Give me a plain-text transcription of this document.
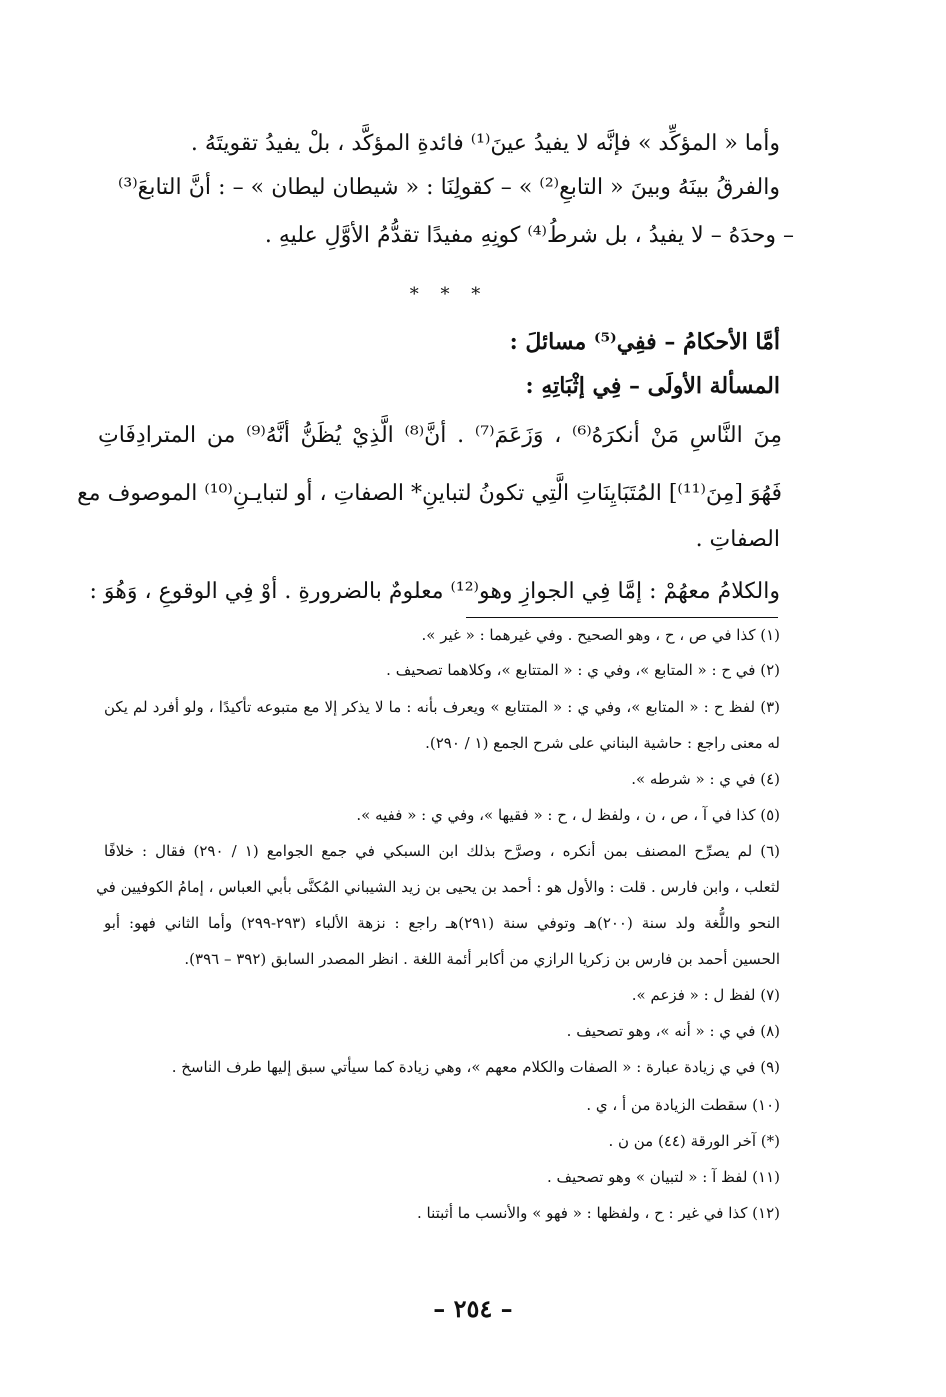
وأما « المؤكِّد » فإنَّه لا يفيدُ عينَ⁽¹⁾ فائدةِ المؤكَّد ، بلْ يفيدُ تقويتَهُ .
والفرقُ بينَهُ وبينَ « التابعِ⁽²⁾ » – كقولِنَا : « شيطان ليطان » – : أنَّ التابعَ⁽³⁾
– وحدَهُ – لا يفيدُ ، بل شرطُ⁽⁴⁾ كونِهِ مفيدًا تقدُّمُ الأوَّلِ عليهِ .
* * *
أمَّا الأحكامُ – ففِي⁽⁵⁾ مسائلَ :
المسألة الأولَى – فِي إثْبَاتِهِ :
مِنَ النَّاسِ مَنْ أنكرَهُ⁽⁶⁾ ، وَزَعَمَ⁽⁷⁾ . أنَّ⁽⁸⁾ الَّذِيْ يُظَنُّ أنَّهُ⁽⁹⁾ من المترادِفَاتِ
فَهُوَ [مِنَ⁽¹¹⁾] المُتَبَايِنَاتِ الَّتِي تكونُ لتباينِ* الصفاتِ ، أو لتبايـنِ⁽¹⁰⁾ الموصوف مع
الصفاتِ .
والكلامُ معهُمْ : إمَّا فِي الجوازِ وهو⁽¹²⁾ معلومٌ بالضرورةِ . أوْ فِي الوقوعِ ، وَهُوَ :
(١) كذا في ص ، ح ، وهو الصحيح . وفي غيرهما : « غير ».
(٢) في ح : « المتابع »، وفي ي : « المتتابع »، وكلاهما تصحيف .
(٣) لفظ ح : « المتابع »، وفي ي : « المتتابع » ويعرف بأنه : ما لا يذكر إلا مع متبوعه تأكيدًا ، ولو أفرد لم يكن
له معنى راجع : حاشية البناني على شرح الجمع (١ / ٢٩٠).
(٤) في ي : « شرطه ».
(٥) كذا في آ ، ص ، ن ، ولفظ ل ، ح : « فقيها »، وفي ي : « ففيه ».
(٦) لم يصرِّح المصنف بمن أنكره ، وصرَّح بذلك ابن السبكي في جمع الجوامع (١ / ٢٩٠) فقال : خلافًا
لثعلب ، وابن فارس . قلت : والأول هو : أحمد بن يحيى بن زيد الشيباني المُكنَّى بأبي العباس ، إمامُ الكوفيين في
النحو واللُّغة ولد سنة (٢٠٠)هـ وتوفي سنة (٢٩١)هـ راجع : نزهة الألباء (٢٩٣-٢٩٩) وأما الثاني فهو: أبو
الحسين أحمد بن فارس بن زكريا الرازي من أكابر أئمة اللغة . انظر المصدر السابق (٣٩٢ – ٣٩٦).
(٧) لفظ ل : « فزعم ».
(٨) في ي : « أنه »، وهو تصحيف .
(٩) في ي زيادة عبارة : « الصفات والكلام معهم »، وهي زيادة كما سيأتي سبق إليها طرف الناسخ .
(١٠) سقطت الزيادة من أ ، ي .
(*) آخر الورقة (٤٤) من ن .
(١١) لفظ آ : « لتبيان » وهو تصحيف .
(١٢) كذا في غير : ح ، ولفظها : « فهو » والأنسب ما أثبتنا .
– ٢٥٤ –
